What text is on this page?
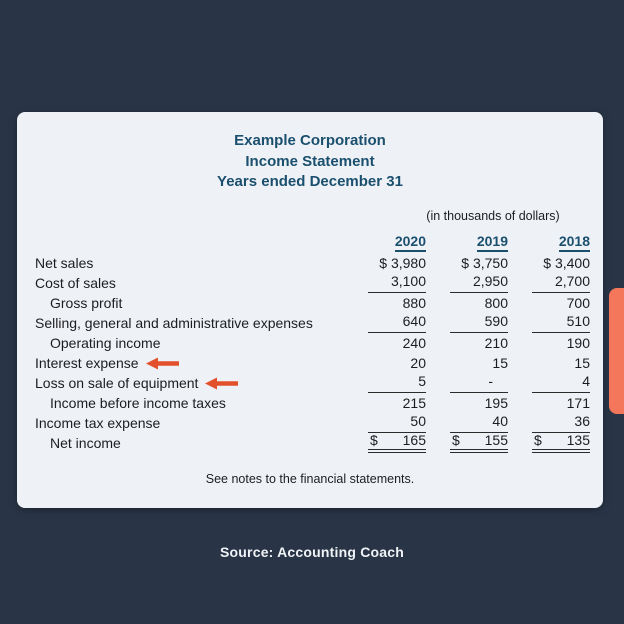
Example Corporation
Income Statement
Years ended December 31
(in thousands of dollars)
2020	2019	2018
Net sales	$ 3,980	$ 3,750	$ 3,400
Cost of sales	3,100	2,950	2,700
Gross profit	880	800	700
Selling, general and administrative expenses	640	590	510
Operating income	240	210	190
Interest expense	20	15	15
Loss on sale of equipment	5	-	4
Income before income taxes	215	195	171
Income tax expense	50	40	36
Net income	$ 165 $ 155 $ 135
See notes to the financial statements.
Source: Accounting Coach
